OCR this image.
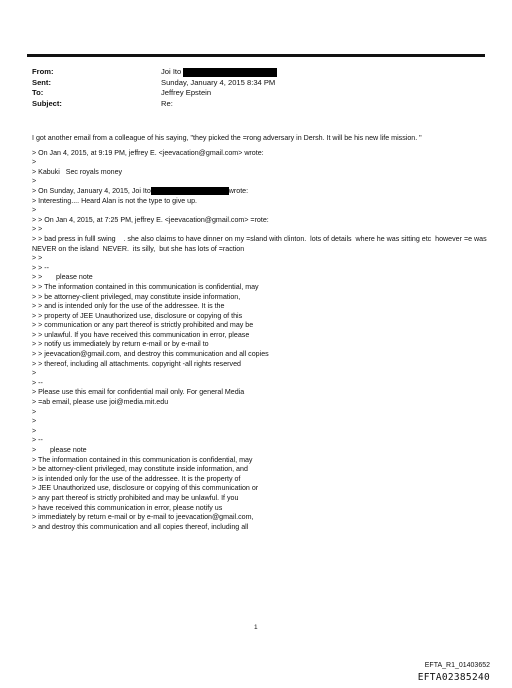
From:	Joi Ito

Sent:	Sunday, January 4, 2015 8:34 PM
To:	Jeffrey Epstein
Subject:	Re:
I got another email from a colleague of his saying, "they picked the =rong adversary in Dersh. It will be his new life mission. "
> On Jan 4, 2015, at 9:19 PM, jeffrey E. <jeevacation@gmail.com> wrote:
>
> Kabuki   Sec royals money
>
> On Sunday, January 4, 2015, Joi Ito	wrote:
> Interesting.... Heard Alan is not the type to give up.
>
> > On Jan 4, 2015, at 7:25 PM, jeffrey E. <jeevacation@gmail.com> =rote:
> >
> > bad press in fulll swing    . she also claims to have dinner on my =sland with clinton.  lots of details  where he was sitting etc  however =e was NEVER on the island  NEVER.  its silly,  but she has lots of =raction
> >
> > --
> >       please note
> > The information contained in this communication is confidential, may
> > be attorney-client privileged, may constitute inside information,
> > and is intended only for the use of the addressee. It is the
> > property of JEE Unauthorized use, disclosure or copying of this
> > communication or any part thereof is strictly prohibited and may be
> > unlawful. If you have received this communication in error, please
> > notify us immediately by return e-mail or by e-mail to
> > jeevacation@gmail.com, and destroy this communication and all copies
> > thereof, including all attachments. copyright -all rights reserved
>
> --
> Please use this email for confidential mail only. For general Media
> =ab email, please use joi@media.mit.edu
>
>
>
> --
>       please note
> The information contained in this communication is confidential, may
> be attorney-client privileged, may constitute inside information, and
> is intended only for the use of the addressee. It is the property of
> JEE Unauthorized use, disclosure or copying of this communication or
> any part thereof is strictly prohibited and may be unlawful. If you
> have received this communication in error, please notify us
> immediately by return e-mail or by e-mail to jeevacation@gmail.com,
> and destroy this communication and all copies thereof, including all
1
EFTA_R1_01403652
EFTA02385240
